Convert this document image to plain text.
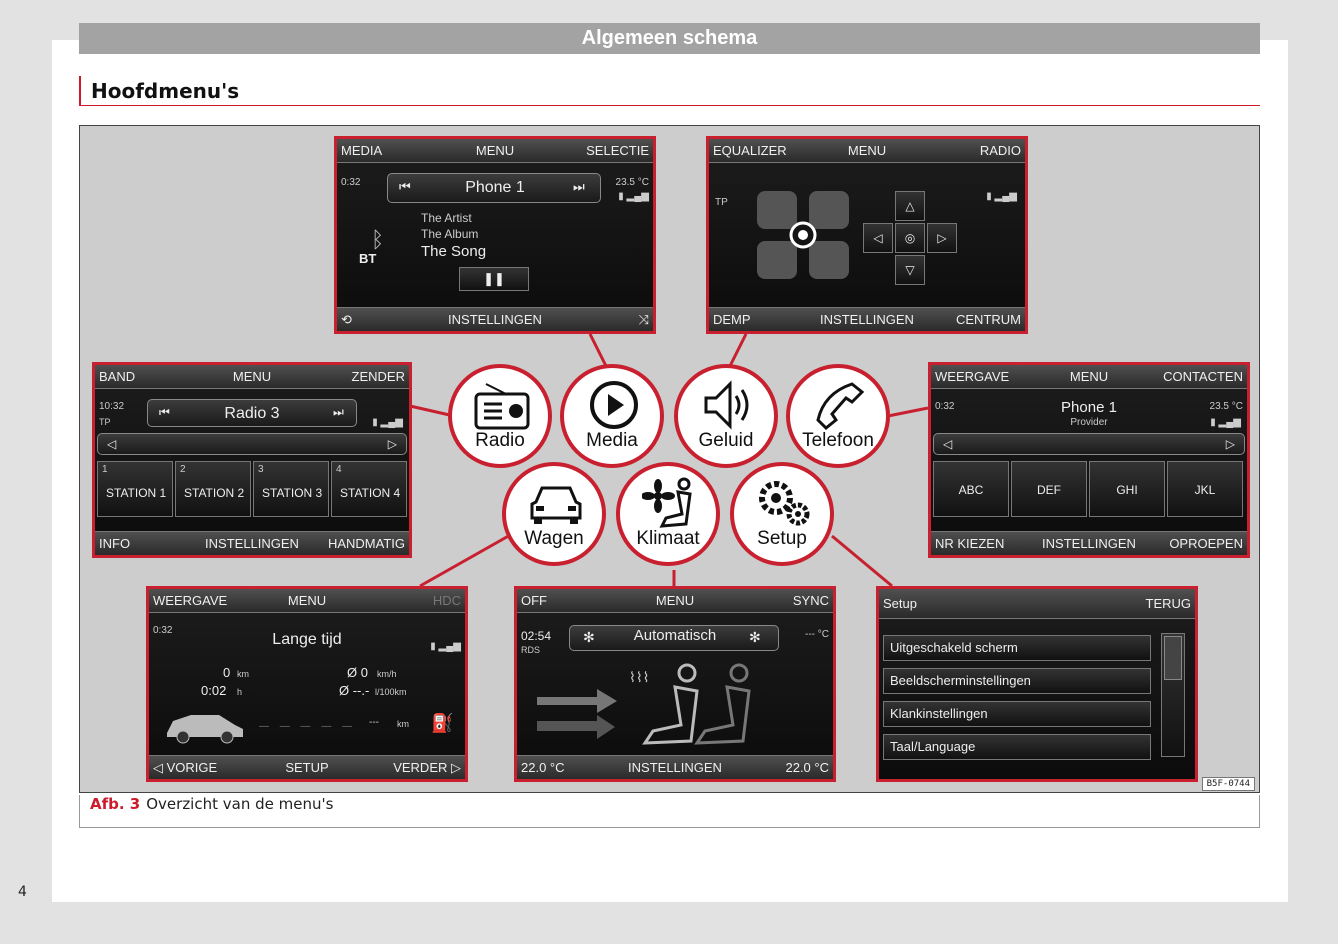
Algemeen schema
Hoofdmenu's
MEDIA	MENU	SELECTIE
0:32	23.5 °C
⏮	Phone 1	⏭
▮ ▂▄▆
The Artist
The Album
The Song
ᛒ
BT
❚❚
⟲	INSTELLINGEN	⤨
EQUALIZER	MENU	RADIO
TP
▮ ▂▄▆
△
◁	◎	▷
▽
DEMP	INSTELLINGEN	CENTRUM
BAND	MENU	ZENDER
10:32
TP
⏮	Radio 3	⏭
▮ ▂▄▆
◁	▷
1
STATION 1
2
STATION 2
3
STATION 3
4
STATION 4
INFO	INSTELLINGEN	HANDMATIG
WEERGAVE	MENU	CONTACTEN
0:32	23.5 °C
Phone 1
Provider	▮ ▂▄▆
◁	▷
ABC	DEF	GHI	JKL
NR KIEZEN	INSTELLINGEN	OPROEPEN
WEERGAVE	MENU	HDC
0:32
Lange tijd	▮ ▂▄▆
0 km	Ø 0 km/h
0:02 h	Ø --.- l/100km
— — — — — --- km ⛽
◁ VORIGE	SETUP	VERDER ▷
OFF	MENU	SYNC
02:54
RDS
--- °C
✻	Automatisch	✻
⌇⌇⌇
22.0 °C	INSTELLINGEN	22.0 °C
Setup	TERUG
Uitgeschakeld scherm
Beeldscherminstellingen
Klankinstellingen
Taal/Language
Radio	Media	Geluid	Telefoon
Wagen	Klimaat	Setup
B5F-0744
Afb. 3 Overzicht van de menu's
4
